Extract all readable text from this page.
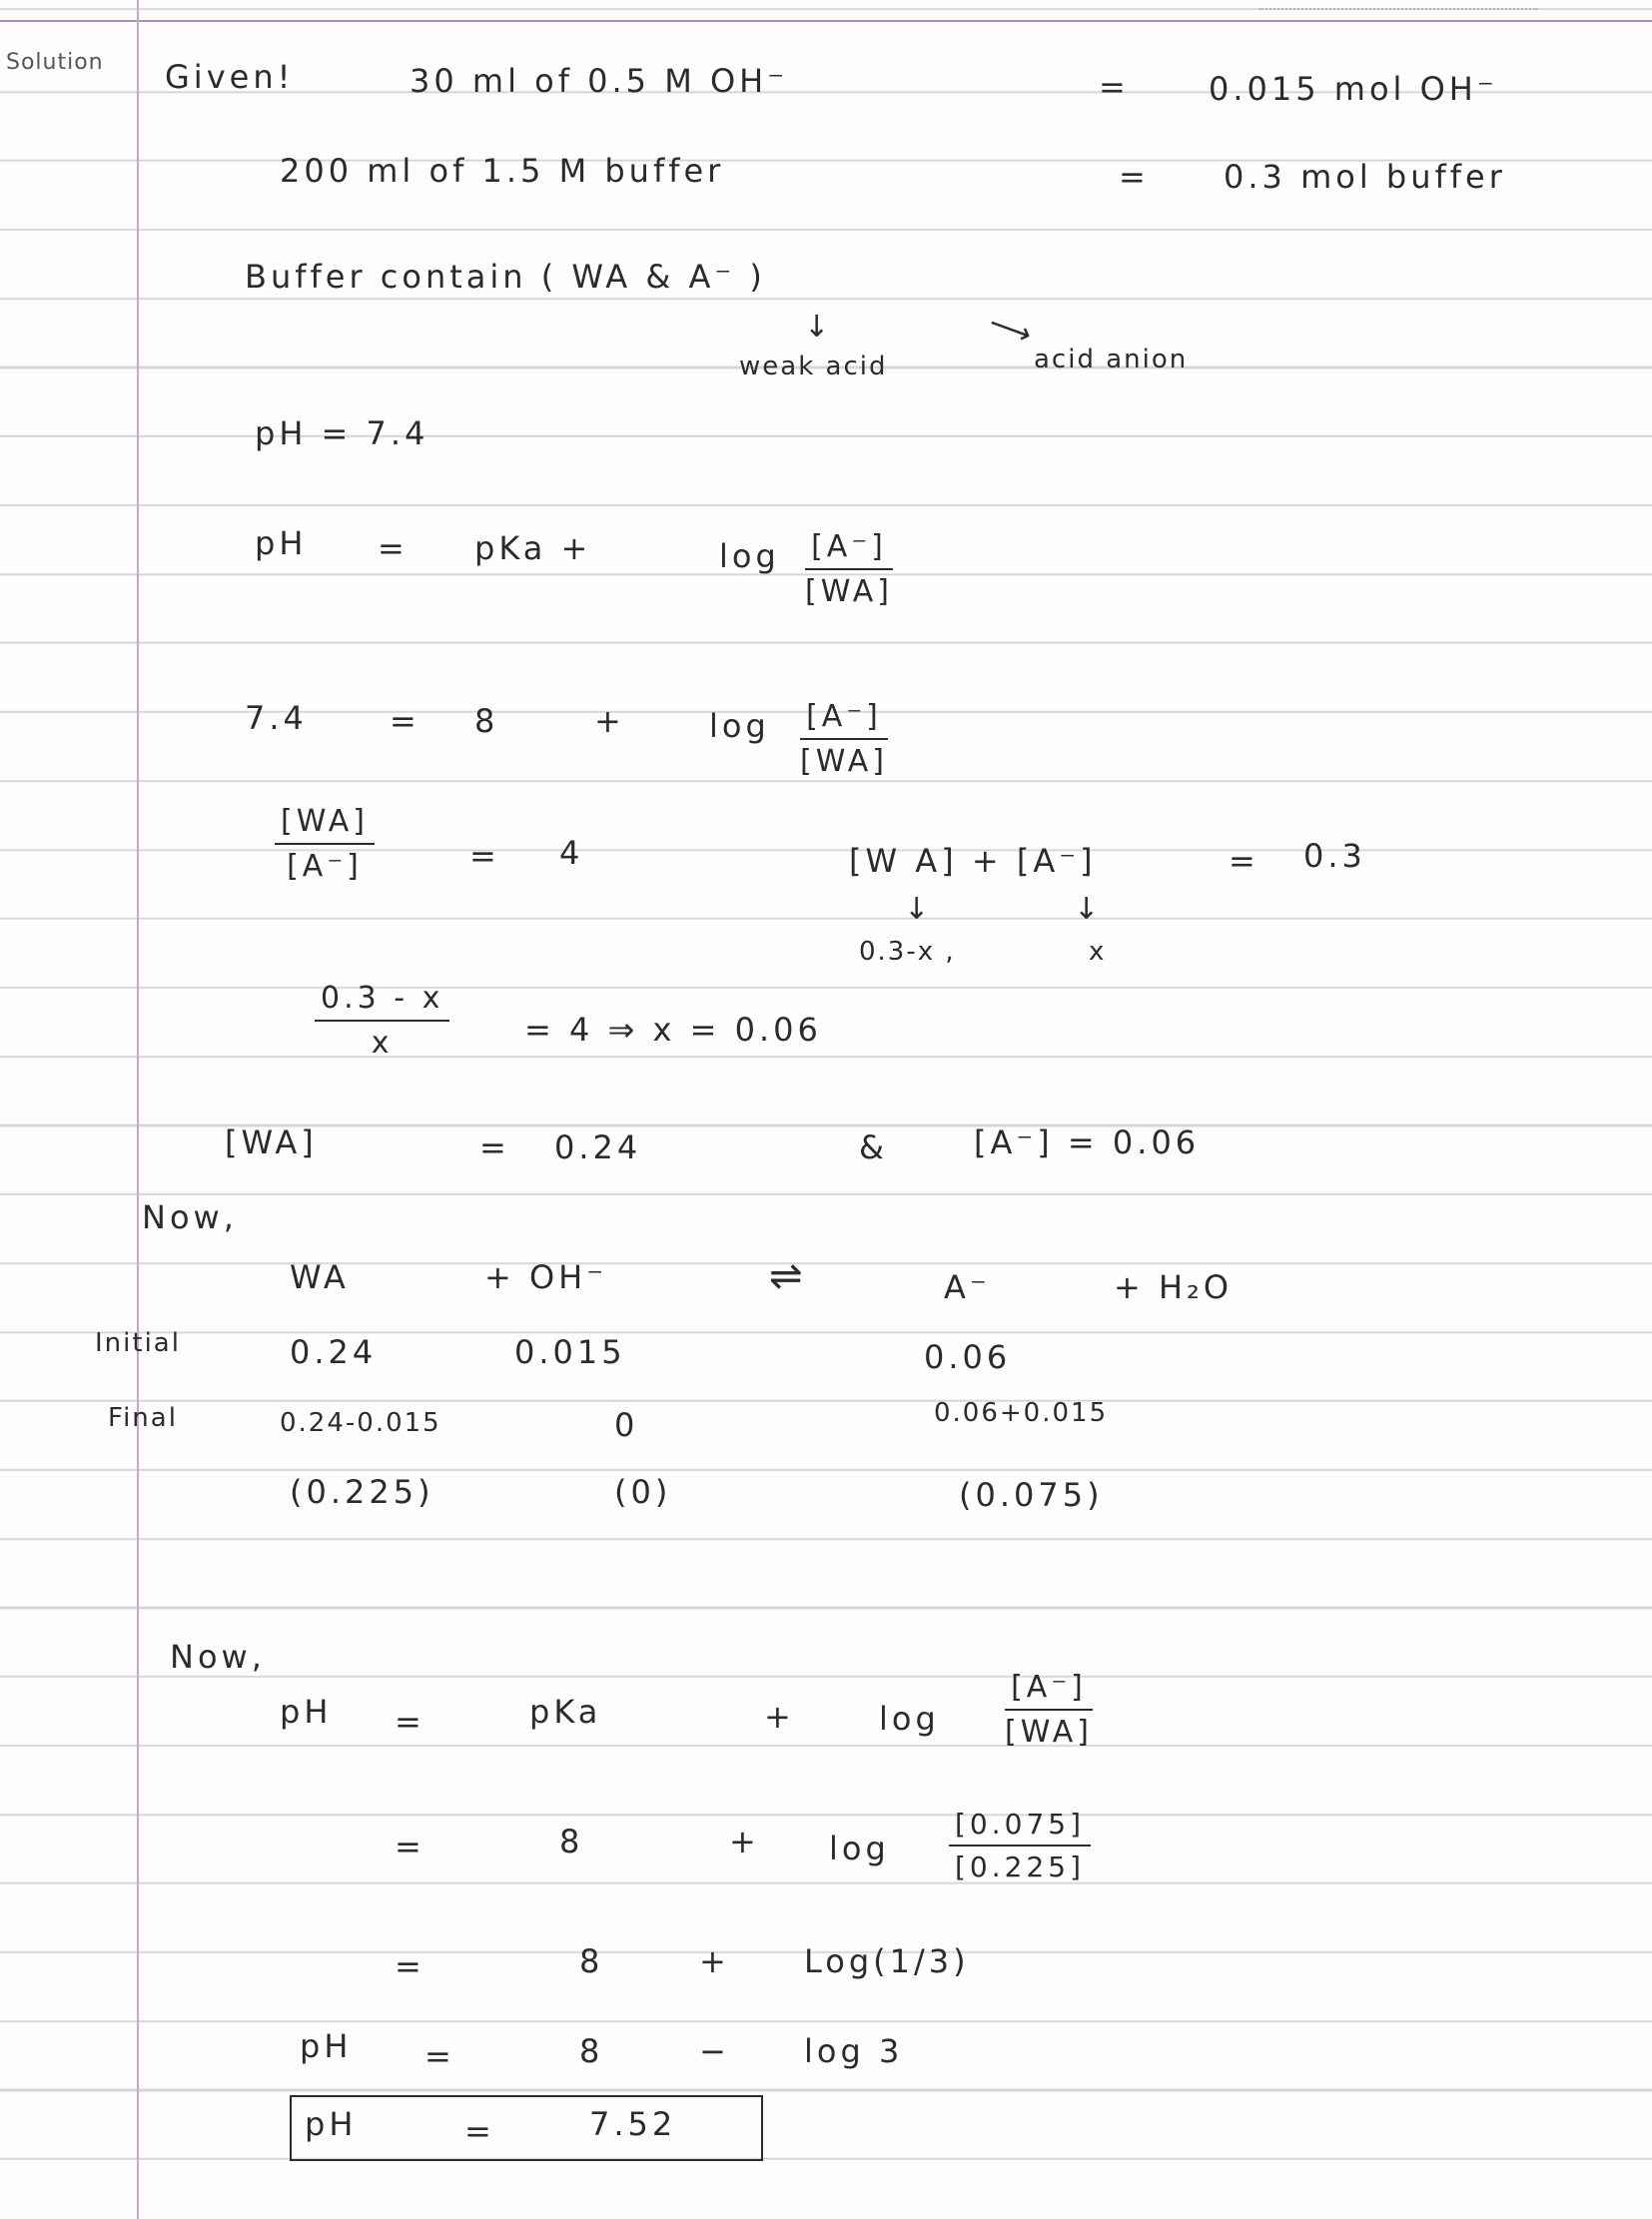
Solution Given!	30 ml of 0.5 M OH⁻	= 0.015 mol OH⁻
200 ml of 1.5 M buffer	= 0.3 mol buffer
Buffer contain ( WA & A⁻ )
↓
weak acid
⟶
acid anion
pH = 7.4
pH = pKa +	$\log \frac{[A^-]}{[WA]}$
7.4	= 8	+	$\log \frac{[A^-]}{[WA]}$
$\frac{[WA]}{[A^-]}$	= 4	[W A] + [A⁻]	= 0.3
↓	↓
0.3-x ,	x
$\frac{0.3 - x}{x} = 4$ ⇒ x = 0.06
[WA]	= 0.24	&	[A⁻] = 0.06
Now,
WA	+ OH⁻	⇌	A⁻	+ H₂O
Initial	0.24	0.015	0.06
Final	0.24-0.015	0	0.06+0.015
(0.225)	(0)	(0.075)
Now,
pH =	pKa	+	$\log \frac{[A^-]}{[WA]}$
=	8	+ $\log \frac{[0.075]}{[0.225]}$
=	8	+ Log(1/3)
pH =	8	− log 3
pH	=	7.52
